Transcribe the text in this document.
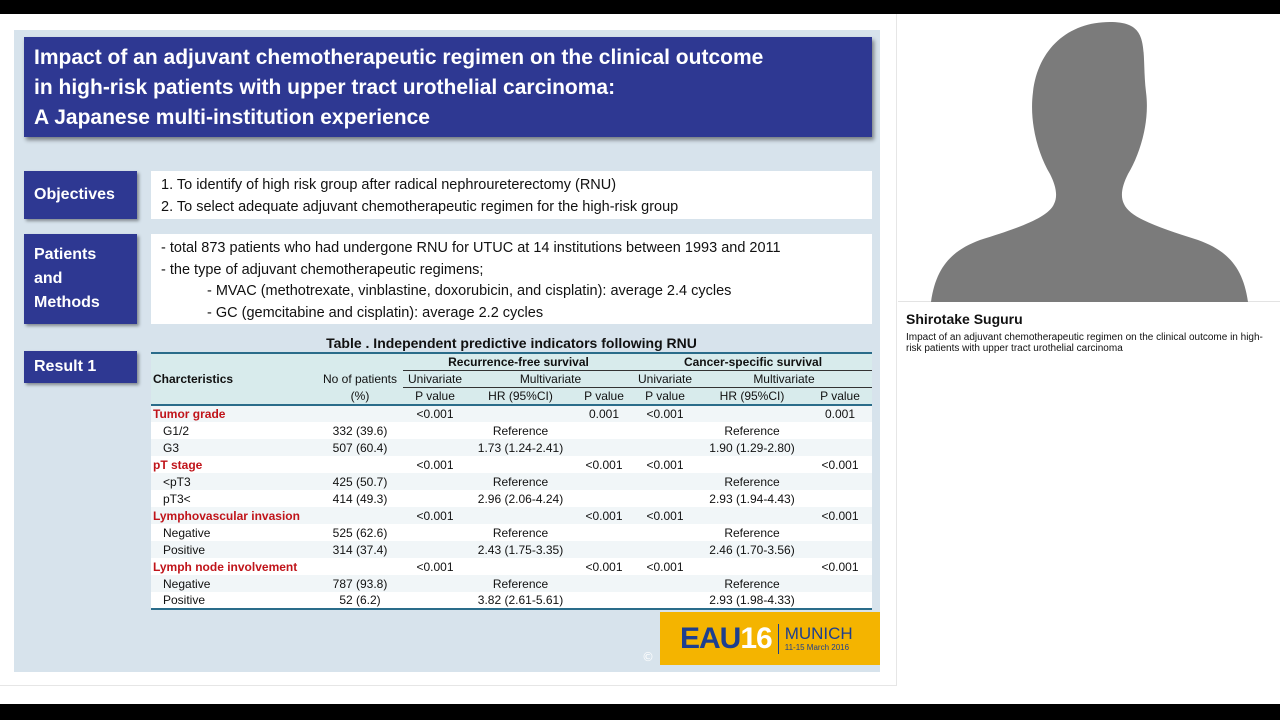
Impact of an adjuvant chemotherapeutic regimen on the clinical outcome
in high-risk patients with upper tract urothelial carcinoma:
A Japanese multi-institution experience
Objectives
1. To identify of high risk group after radical nephroureterectomy (RNU)
2. To select adequate adjuvant chemotherapeutic regimen for the high-risk group
Patients
and
Methods
- total 873 patients who had undergone RNU for UTUC at 14 institutions between 1993 and 2011
- the type of adjuvant chemotherapeutic regimens;
- MVAC (methotrexate, vinblastine, doxorubicin, and cisplatin): average 2.4 cycles
- GC (gemcitabine and cisplatin): average 2.2 cycles
Result 1
Table . Independent predictive indicators following RNU
		Recurrence-free survival			Cancer-specific survival		
Charcteristics	No of patients	Univariate	Multivariate		Univariate	Multivariate	
	(%)	P value	HR (95%CI)	P value	P value	HR (95%CI)	P value
Tumor grade		<0.001		0.001	<0.001		0.001
G1/2	332 (39.6)		Reference			Reference	
G3	507 (60.4)		1.73 (1.24-2.41)			1.90 (1.29-2.80)	
pT stage		<0.001		<0.001	<0.001		<0.001
<pT3	425 (50.7)		Reference			Reference	
pT3<	414 (49.3)		2.96 (2.06-4.24)			2.93 (1.94-4.43)	
Lymphovascular invasion		<0.001		<0.001	<0.001		<0.001
Negative	525 (62.6)		Reference			Reference	
Positive	314 (37.4)		2.43 (1.75-3.35)			2.46 (1.70-3.56)	
Lymph node involvement		<0.001		<0.001	<0.001		<0.001
Negative	787 (93.8)		Reference			Reference	
Positive	52 (6.2)		3.82 (2.61-5.61)			2.93 (1.98-4.33)	
©
EAU 16 MUNICH
11-15 March 2016
Shirotake Suguru
Impact of an adjuvant chemotherapeutic regimen on the clinical outcome in high-risk patients with upper tract urothelial carcinoma
